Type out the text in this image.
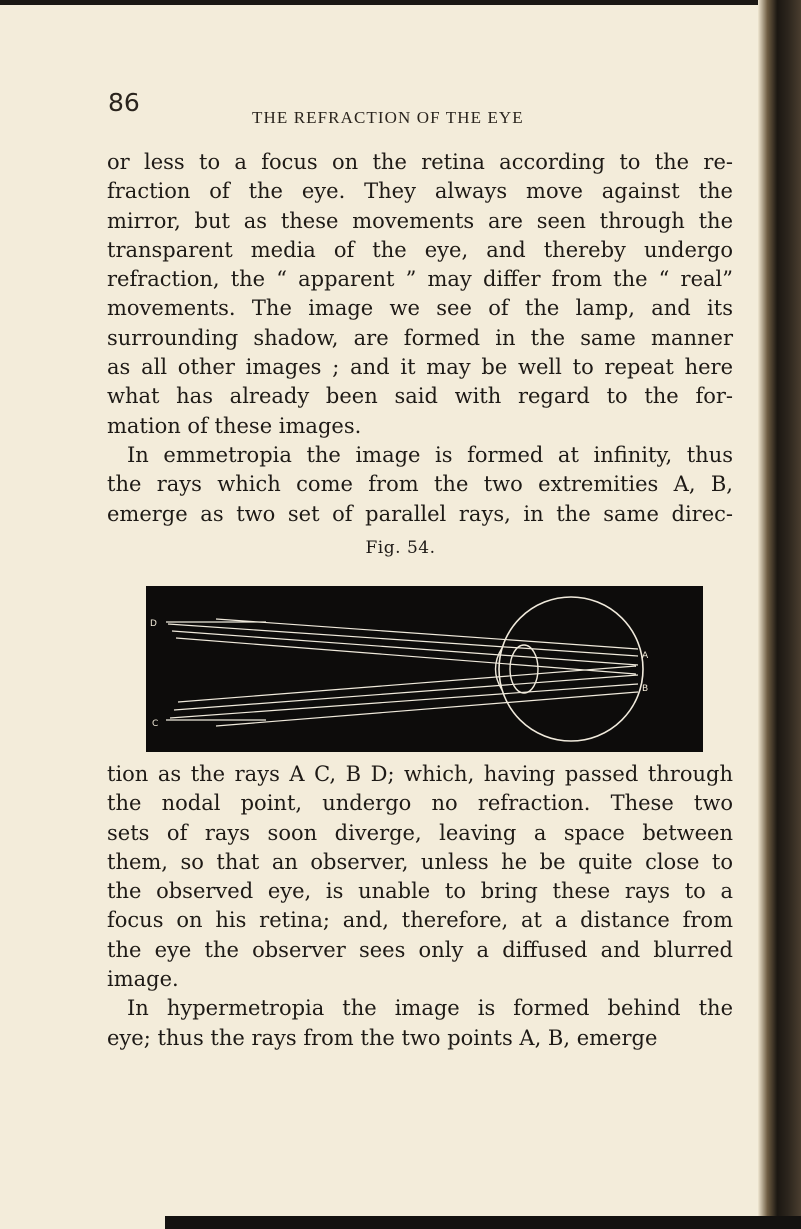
86
THE REFRACTION OF THE EYE
or less to a focus on the retina according to the re-
fraction of the eye. They always move against the
mirror, but as these movements are seen through the
transparent media of the eye, and thereby undergo
refraction, the “ apparent ” may differ from the “ real”
movements. The image we see of the lamp, and its
surrounding shadow, are formed in the same manner
as all other images ; and it may be well to repeat here
what has already been said with regard to the for-
mation of these images.
In emmetropia the image is formed at infinity, thus
the rays which come from the two extremities A, B,
emerge as two set of parallel rays, in the same direc-
Fig. 54.
D
C
A
B
tion as the rays A C, B D; which, having passed through
the nodal point, undergo no refraction. These two
sets of rays soon diverge, leaving a space between
them, so that an observer, unless he be quite close to
the observed eye, is unable to bring these rays to a
focus on his retina; and, therefore, at a distance from
the eye the observer sees only a diffused and blurred
image.
In hypermetropia the image is formed behind the
eye; thus the rays from the two points A, B, emerge
